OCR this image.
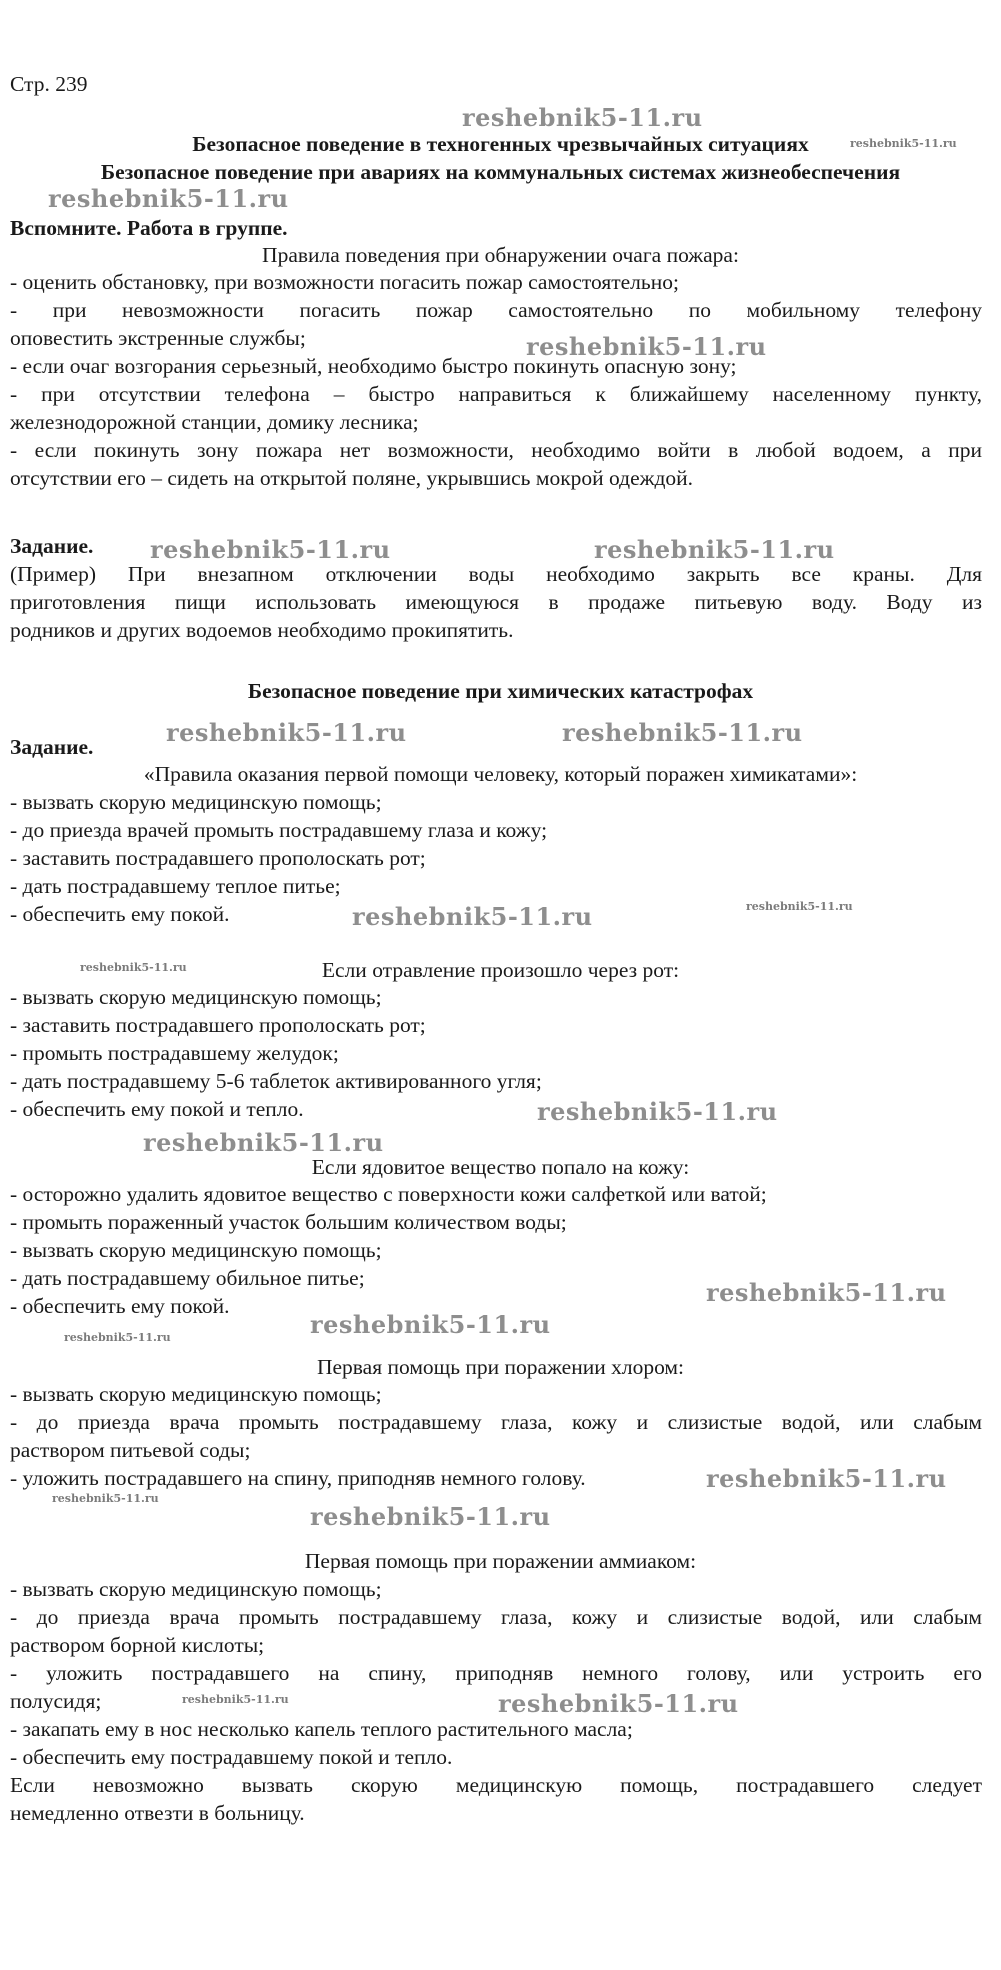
Стр. 239
Безопасное поведение в техногенных чрезвычайных ситуациях
Безопасное поведение при авариях на коммунальных системах жизнеобеспечения
Вспомните. Работа в группе.
Правила поведения при обнаружении очага пожара:
- оценить обстановку, при возможности погасить пожар самостоятельно;
- при невозможности погасить пожар самостоятельно по мобильному телефону
оповестить экстренные службы;
- если очаг возгорания серьезный, необходимо быстро покинуть опасную зону;
- при отсутствии телефона – быстро направиться к ближайшему населенному пункту,
железнодорожной станции, домику лесника;
- если покинуть зону пожара нет возможности, необходимо войти в любой водоем, а при
отсутствии его – сидеть на открытой поляне, укрывшись мокрой одеждой.
Задание.
(Пример) При внезапном отключении воды необходимо закрыть все краны. Для
приготовления пищи использовать имеющуюся в продаже питьевую воду. Воду из
родников и других водоемов необходимо прокипятить.
Безопасное поведение при химических катастрофах
Задание.
«Правила оказания первой помощи человеку, который поражен химикатами»:
- вызвать скорую медицинскую помощь;
- до приезда врачей промыть пострадавшему глаза и кожу;
- заставить пострадавшего прополоскать рот;
- дать пострадавшему теплое питье;
- обеспечить ему покой.
Если отравление произошло через рот:
- вызвать скорую медицинскую помощь;
- заставить пострадавшего прополоскать рот;
- промыть пострадавшему желудок;
- дать пострадавшему 5-6 таблеток активированного угля;
- обеспечить ему покой и тепло.
Если ядовитое вещество попало на кожу:
- осторожно удалить ядовитое вещество с поверхности кожи салфеткой или ватой;
- промыть пораженный участок большим количеством воды;
- вызвать скорую медицинскую помощь;
- дать пострадавшему обильное питье;
- обеспечить ему покой.
Первая помощь при поражении хлором:
- вызвать скорую медицинскую помощь;
- до приезда врача промыть пострадавшему глаза, кожу и слизистые водой, или слабым
раствором питьевой соды;
- уложить пострадавшего на спину, приподняв немного голову.
Первая помощь при поражении аммиаком:
- вызвать скорую медицинскую помощь;
- до приезда врача промыть пострадавшему глаза, кожу и слизистые водой, или слабым
раствором борной кислоты;
- уложить пострадавшего на спину, приподняв немного голову, или устроить его
полусидя;
- закапать ему в нос несколько капель теплого растительного масла;
- обеспечить ему пострадавшему покой и тепло.
Если невозможно вызвать скорую медицинскую помощь, пострадавшего следует
немедленно отвезти в больницу.
reshebnik5-11.ru
reshebnik5-11.ru
reshebnik5-11.ru
reshebnik5-11.ru
reshebnik5-11.ru	reshebnik5-11.ru
reshebnik5-11.ru	reshebnik5-11.ru
reshebnik5-11.ru	reshebnik5-11.ru
reshebnik5-11.ru
reshebnik5-11.ru
reshebnik5-11.ru
reshebnik5-11.ru
reshebnik5-11.ru
reshebnik5-11.ru
reshebnik5-11.ru
reshebnik5-11.ru
reshebnik5-11.ru
reshebnik5-11.ru
reshebnik5-11.ru
